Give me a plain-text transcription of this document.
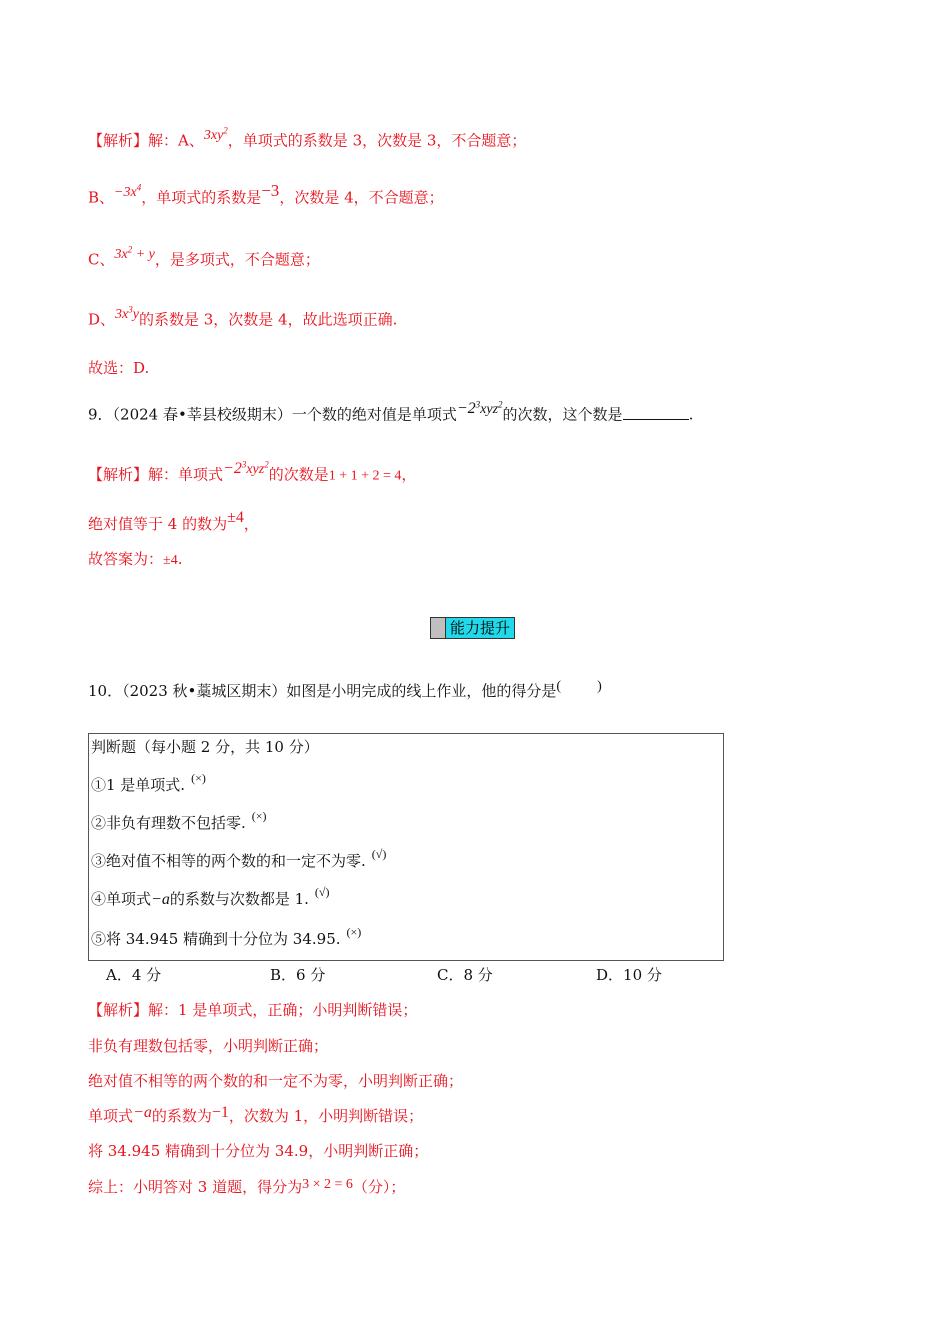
【解析】解：A、$3xy^2$，单项式的系数是 3，次数是 3，不合题意；
B、$-3x^4$，单项式的系数是−3，次数是 4，不合题意；
C、$3x^2 + y$，是多项式，不合题意；
D、$3x^3y$的系数是 3，次数是 4，故此选项正确.
故选：D.
9．（2024 春•莘县校级期末）一个数的绝对值是单项式$-2^3xyz^2$的次数，这个数是	.
【解析】解：单项式$-2^3xyz^2$的次数是1 + 1 + 2 = 4，
绝对值等于 4 的数为±4，
故答案为：±4.
能力提升
10．（2023 秋•藁城区期末）如图是小明完成的线上作业，他的得分是(	)
判断题（每小题 2 分，共 10 分）
①1 是单项式. (×)
②非负有理数不包括零. (×)
③绝对值不相等的两个数的和一定不为零. (√)
④单项式−a的系数与次数都是 1. (√)
⑤将 34.945 精确到十分位为 34.95. (×)
A．4 分	B．6 分	C．8 分	D．10 分
【解析】解：1 是单项式，正确；小明判断错误；
非负有理数包括零，小明判断正确；
绝对值不相等的两个数的和一定不为零，小明判断正确；
单项式−a的系数为−1，次数为 1，小明判断错误；
将 34.945 精确到十分位为 34.9，小明判断正确；
综上：小明答对 3 道题，得分为3 × 2 = 6（分）；
